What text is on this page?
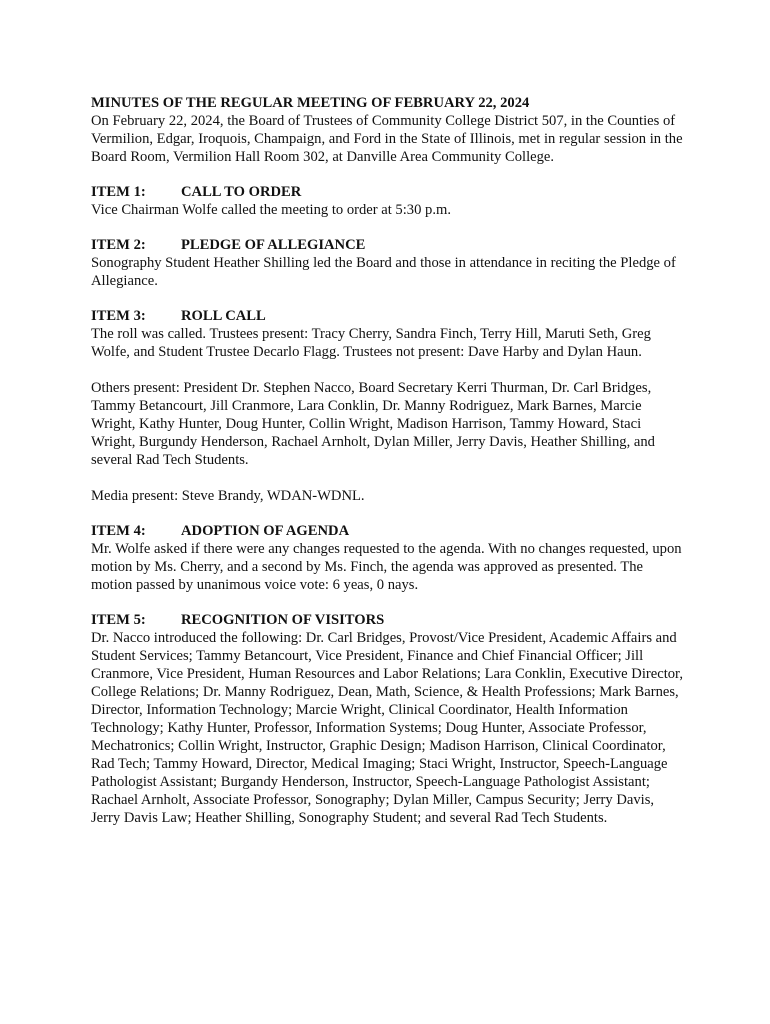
MINUTES OF THE REGULAR MEETING OF FEBRUARY 22, 2024

On February 22, 2024, the Board of Trustees of Community College District 507, in the Counties of Vermilion, Edgar, Iroquois, Champaign, and Ford in the State of Illinois, met in regular session in the Board Room, Vermilion Hall Room 302, at Danville Area Community College.

ITEM 1:	CALL TO ORDER

Vice Chairman Wolfe called the meeting to order at 5:30 p.m.

ITEM 2:	PLEDGE OF ALLEGIANCE

Sonography Student Heather Shilling led the Board and those in attendance in reciting the Pledge of Allegiance.

ITEM 3:	ROLL CALL

The roll was called. Trustees present: Tracy Cherry, Sandra Finch, Terry Hill, Maruti Seth, Greg Wolfe, and Student Trustee Decarlo Flagg. Trustees not present: Dave Harby and Dylan Haun.

Others present: President Dr. Stephen Nacco, Board Secretary Kerri Thurman, Dr. Carl Bridges, Tammy Betancourt, Jill Cranmore, Lara Conklin, Dr. Manny Rodriguez, Mark Barnes, Marcie Wright, Kathy Hunter, Doug Hunter, Collin Wright, Madison Harrison, Tammy Howard, Staci Wright, Burgundy Henderson, Rachael Arnholt, Dylan Miller, Jerry Davis, Heather Shilling, and several Rad Tech Students.

Media present: Steve Brandy, WDAN-WDNL.

ITEM 4:	ADOPTION OF AGENDA

Mr. Wolfe asked if there were any changes requested to the agenda. With no changes requested, upon motion by Ms. Cherry, and a second by Ms. Finch, the agenda was approved as presented. The motion passed by unanimous voice vote: 6 yeas, 0 nays.

ITEM 5:	RECOGNITION OF VISITORS

Dr. Nacco introduced the following: Dr. Carl Bridges, Provost/Vice President, Academic Affairs and Student Services; Tammy Betancourt, Vice President, Finance and Chief Financial Officer; Jill Cranmore, Vice President, Human Resources and Labor Relations; Lara Conklin, Executive Director, College Relations; Dr. Manny Rodriguez, Dean, Math, Science, & Health Professions; Mark Barnes, Director, Information Technology; Marcie Wright, Clinical Coordinator, Health Information Technology; Kathy Hunter, Professor, Information Systems; Doug Hunter, Associate Professor, Mechatronics; Collin Wright, Instructor, Graphic Design; Madison Harrison, Clinical Coordinator, Rad Tech; Tammy Howard, Director, Medical Imaging; Staci Wright, Instructor, Speech-Language Pathologist Assistant; Burgandy Henderson, Instructor, Speech-Language Pathologist Assistant; Rachael Arnholt, Associate Professor, Sonography; Dylan Miller, Campus Security; Jerry Davis, Jerry Davis Law; Heather Shilling, Sonography Student; and several Rad Tech Students.
